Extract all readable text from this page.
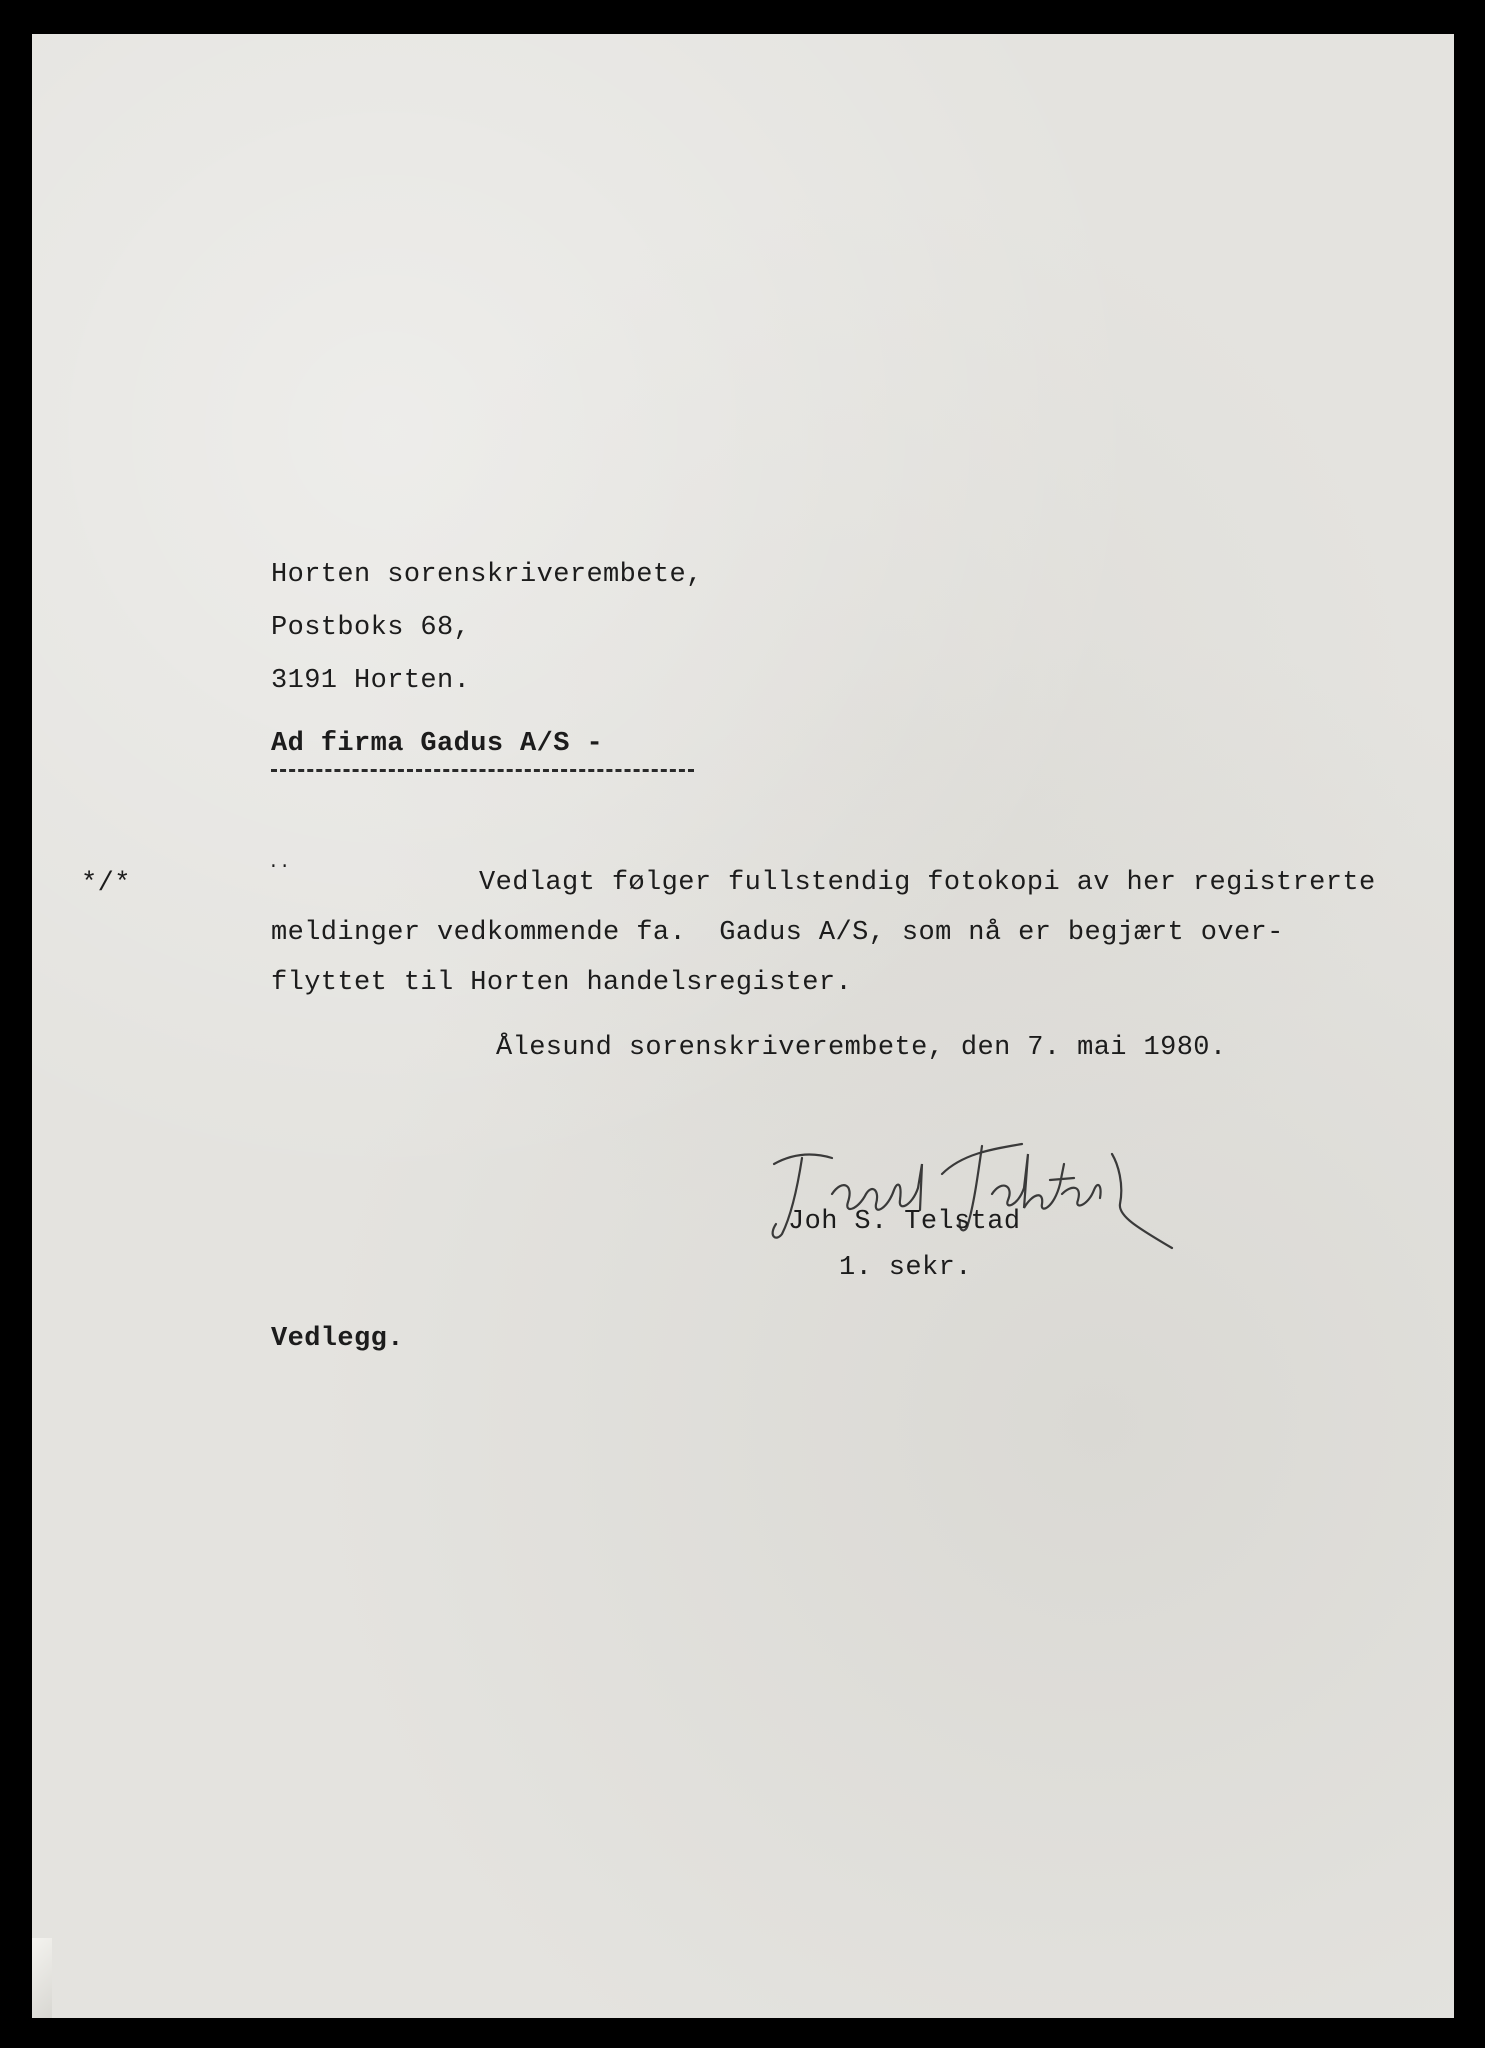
Horten sorenskriverembete,
Postboks 68,
3191 Horten.
Ad firma Gadus A/S -
*/*
..
Vedlagt følger fullstendig fotokopi av her registrerte
meldinger vedkommende fa.  Gadus A/S, som nå er begjært over-
flyttet til Horten handelsregister.
Ålesund sorenskriverembete, den 7. mai 1980.
Joh S. Telstad
1. sekr.
Vedlegg.
